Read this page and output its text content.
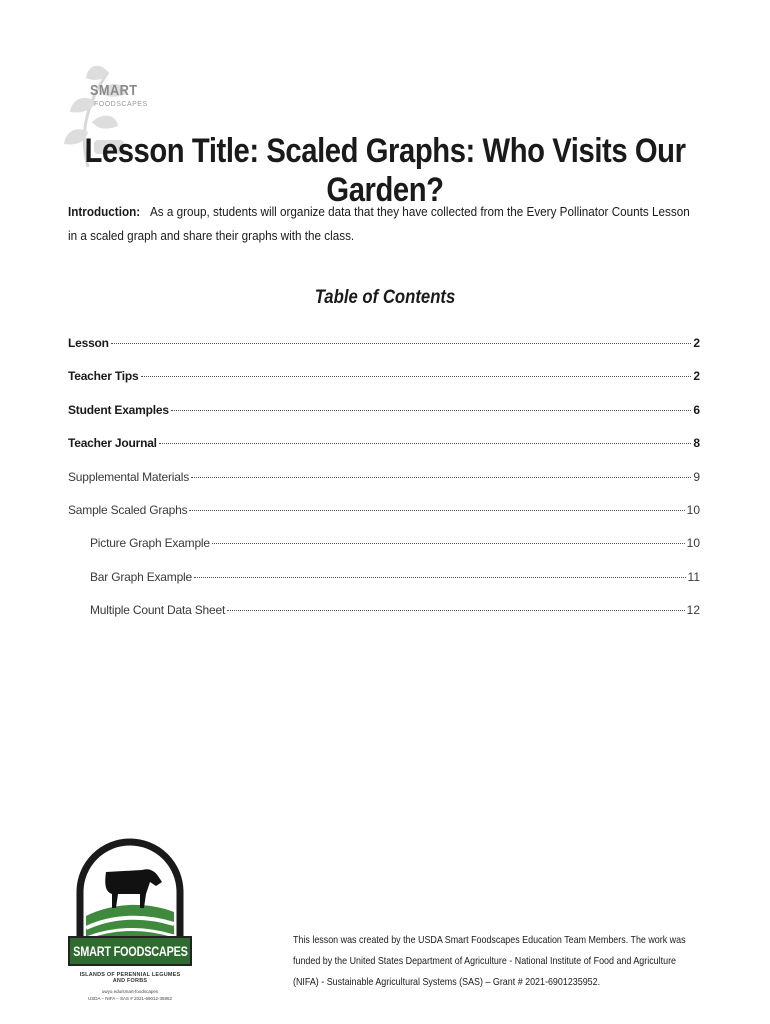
SMART
FOODSCAPES
Lesson Title: Scaled Graphs: Who Visits Our Garden?
Introduction: As a group, students will organize data that they have collected from the Every Pollinator Counts Lesson in a scaled graph and share their graphs with the class.
Table of Contents
Lesson	2
Teacher Tips	2
Student Examples	6
Teacher Journal	8
Supplemental Materials	9
Sample Scaled Graphs	10
Picture Graph Example	10
Bar Graph Example	11
Multiple Count Data Sheet	12
SMART FOODSCAPES
ISLANDS OF PERENNIAL LEGUMES AND FORBS
uwyo.edu/smart-foodscapes
USDA – NIFA – SAS # 2021-69012-35952
This lesson was created by the USDA Smart Foodscapes Education Team Members. The work was funded by the United States Department of Agriculture - National Institute of Food and Agriculture (NIFA) - Sustainable Agricultural Systems (SAS) – Grant # 2021-6901235952.
